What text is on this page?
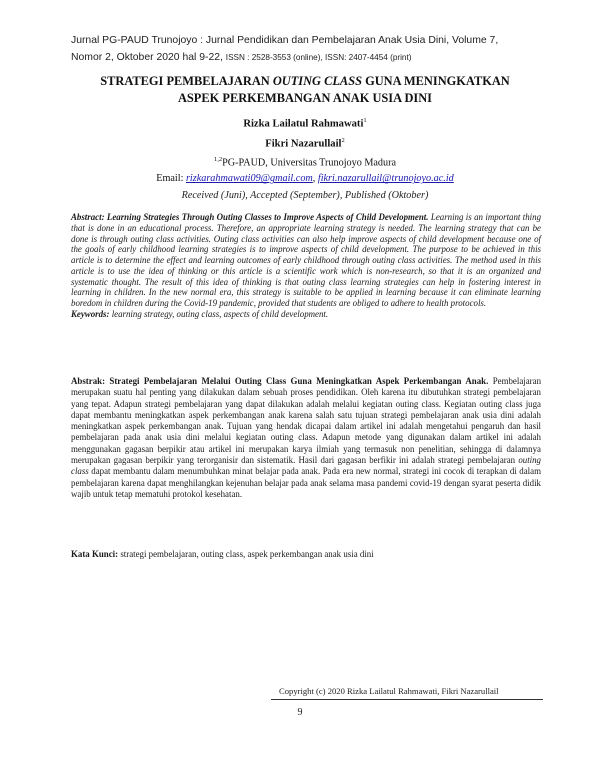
Jurnal PG-PAUD Trunojoyo : Jurnal Pendidikan dan Pembelajaran Anak Usia Dini, Volume 7,
Nomor 2, Oktober 2020 hal 9-22, ISSN : 2528-3553 (online), ISSN: 2407-4454 (print)
STRATEGI PEMBELAJARAN OUTING CLASS GUNA MENINGKATKAN
ASPEK PERKEMBANGAN ANAK USIA DINI
Rizka Lailatul Rahmawati$^1$
Fikri Nazarullail$^2$
$^{1,2}$PG-PAUD, Universitas Trunojoyo Madura
Email: rizkarahmawati09@gmail.com, fikri.nazarullail@trunojoyo.ac.id
Received (Juni), Accepted (September), Published (Oktober)
Abstract: Learning Strategies Through Outing Classes to Improve Aspects of Child Development. Learning is an important thing that is done in an educational process. Therefore, an appropriate learning strategy is needed. The learning strategy that can be done is through outing class activities. Outing class activities can also help improve aspects of child development because one of the goals of early childhood learning strategies is to improve aspects of child development. The purpose to be achieved in this article is to determine the effect and learning outcomes of early childhood through outing class activities. The method used in this article is to use the idea of thinking or this article is a scientific work which is non-research, so that it is an organized and systematic thought. The result of this idea of thinking is that outing class learning strategies can help in fostering interest in learning in children. In the new normal era, this strategy is suitable to be applied in learning because it can eliminate learning boredom in children during the Covid-19 pandemic, provided that students are obliged to adhere to health protocols.
Keywords: learning strategy, outing class, aspects of child development.
Abstrak: Strategi Pembelajaran Melalui Outing Class Guna Meningkatkan Aspek Perkembangan Anak. Pembelajaran merupakan suatu hal penting yang dilakukan dalam sebuah proses pendidikan. Oleh karena itu dibutuhkan strategi pembelajaran yang tepat. Adapun strategi pembelajaran yang dapat dilakukan adalah melalui kegiatan outing class. Kegiatan outing class juga dapat membantu meningkatkan aspek perkembangan anak karena salah satu tujuan strategi pembelajaran anak usia dini adalah meningkatkan aspek perkembangan anak. Tujuan yang hendak dicapai dalam artikel ini adalah mengetahui pengaruh dan hasil pembelajaran pada anak usia dini melalui kegiatan outing class. Adapun metode yang digunakan dalam artikel ini adalah menggunakan gagasan berpikir atau artikel ini merupakan karya ilmiah yang termasuk non penelitian, sehingga di dalamnya merupakan gagasan berpikir yang terorganisir dan sistematik. Hasil dari gagasan berfikir ini adalah strategi pembelajaran outing class dapat membantu dalam menumbuhkan minat belajar pada anak. Pada era new normal, strategi ini cocok di terapkan di dalam pembelajaran karena dapat menghilangkan kejenuhan belajar pada anak selama masa pandemi covid-19 dengan syarat peserta didik wajib untuk tetap mematuhi protokol kesehatan.
Kata Kunci: strategi pembelajaran, outing class, aspek perkembangan anak usia dini
Copyright (c) 2020 Rizka Lailatul Rahmawati, Fikri Nazarullail
9
